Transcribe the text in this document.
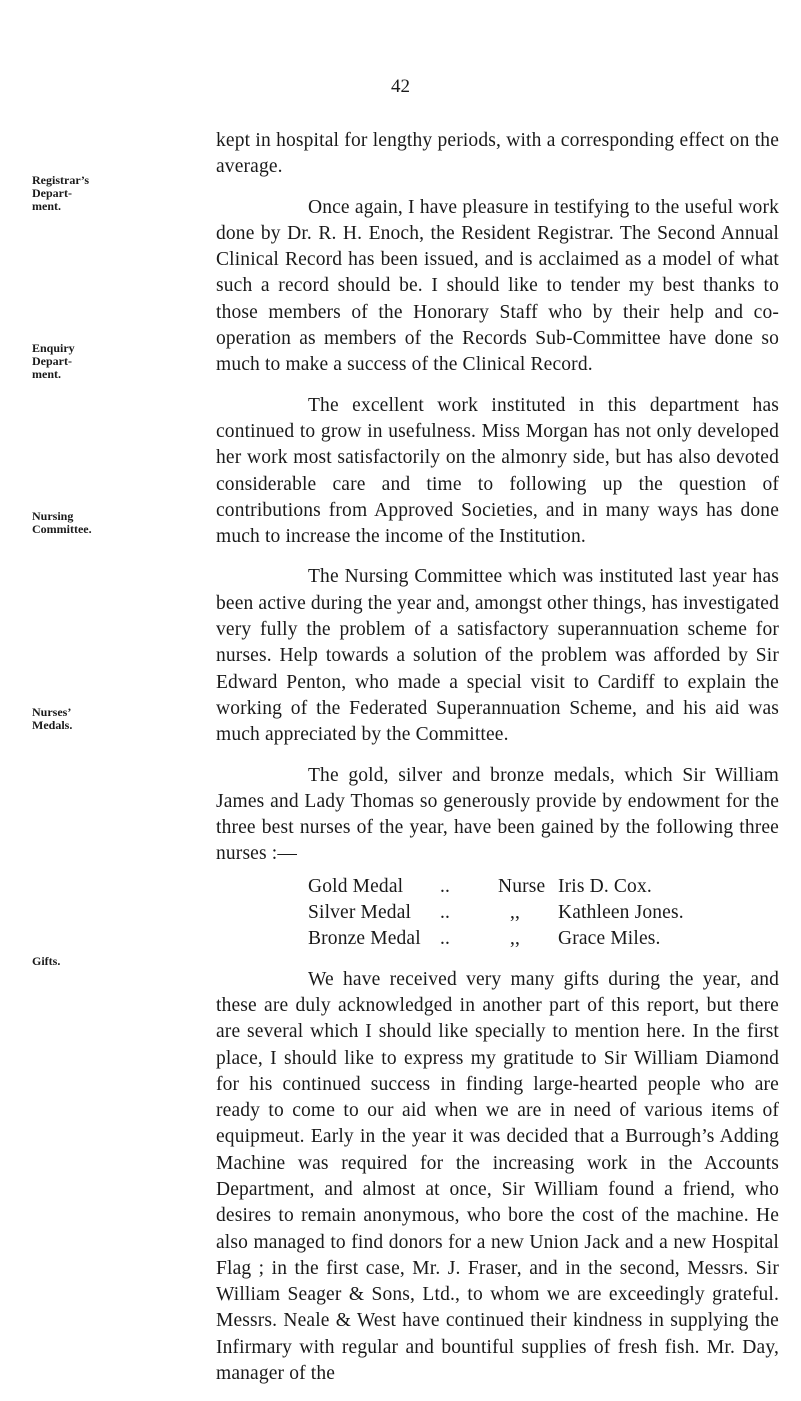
42
Registrar’s
Depart-
ment.
Enquiry
Depart-
ment.
Nursing
Committee.
Nurses’
Medals.
Gifts.

kept in hospital for lengthy periods, with a corresponding effect on the average.

Once again, I have pleasure in testifying to the useful work done by Dr. R. H. Enoch, the Resident Registrar. The Second Annual Clinical Record has been issued, and is acclaimed as a model of what such a record should be. I should like to tender my best thanks to those members of the Honorary Staff who by their help and co-operation as members of the Records Sub-Committee have done so much to make a success of the Clinical Record.

The excellent work instituted in this department has continued to grow in usefulness. Miss Morgan has not only developed her work most satisfactorily on the almonry side, but has also devoted considerable care and time to following up the question of contributions from Approved Societies, and in many ways has done much to increase the income of the Institution.

The Nursing Committee which was instituted last year has been active during the year and, amongst other things, has investigated very fully the problem of a satisfactory superannuation scheme for nurses. Help towards a solution of the problem was afforded by Sir Edward Penton, who made a special visit to Cardiff to explain the working of the Federated Superannuation Scheme, and his aid was much appreciated by the Committee.

The gold, silver and bronze medals, which Sir William James and Lady Thomas so generously provide by endowment for the three best nurses of the year, have been gained by the following three nurses :—

Gold Medal	..	Nurse	Iris D. Cox.
Silver Medal	..	,,	Kathleen Jones.
Bronze Medal	..	,,	Grace Miles.

We have received very many gifts during the year, and these are duly acknowledged in another part of this report, but there are several which I should like specially to mention here. In the first place, I should like to express my gratitude to Sir William Diamond for his continued success in finding large-hearted people who are ready to come to our aid when we are in need of various items of equipmeut. Early in the year it was decided that a Burrough’s Adding Machine was required for the increasing work in the Accounts Department, and almost at once, Sir William found a friend, who desires to remain anonymous, who bore the cost of the machine. He also managed to find donors for a new Union Jack and a new Hospital Flag ; in the first case, Mr. J. Fraser, and in the second, Messrs. Sir William Seager & Sons, Ltd., to whom we are exceedingly grateful. Messrs. Neale & West have continued their kindness in supplying the Infirmary with regular and bountiful supplies of fresh fish. Mr. Day, manager of the
